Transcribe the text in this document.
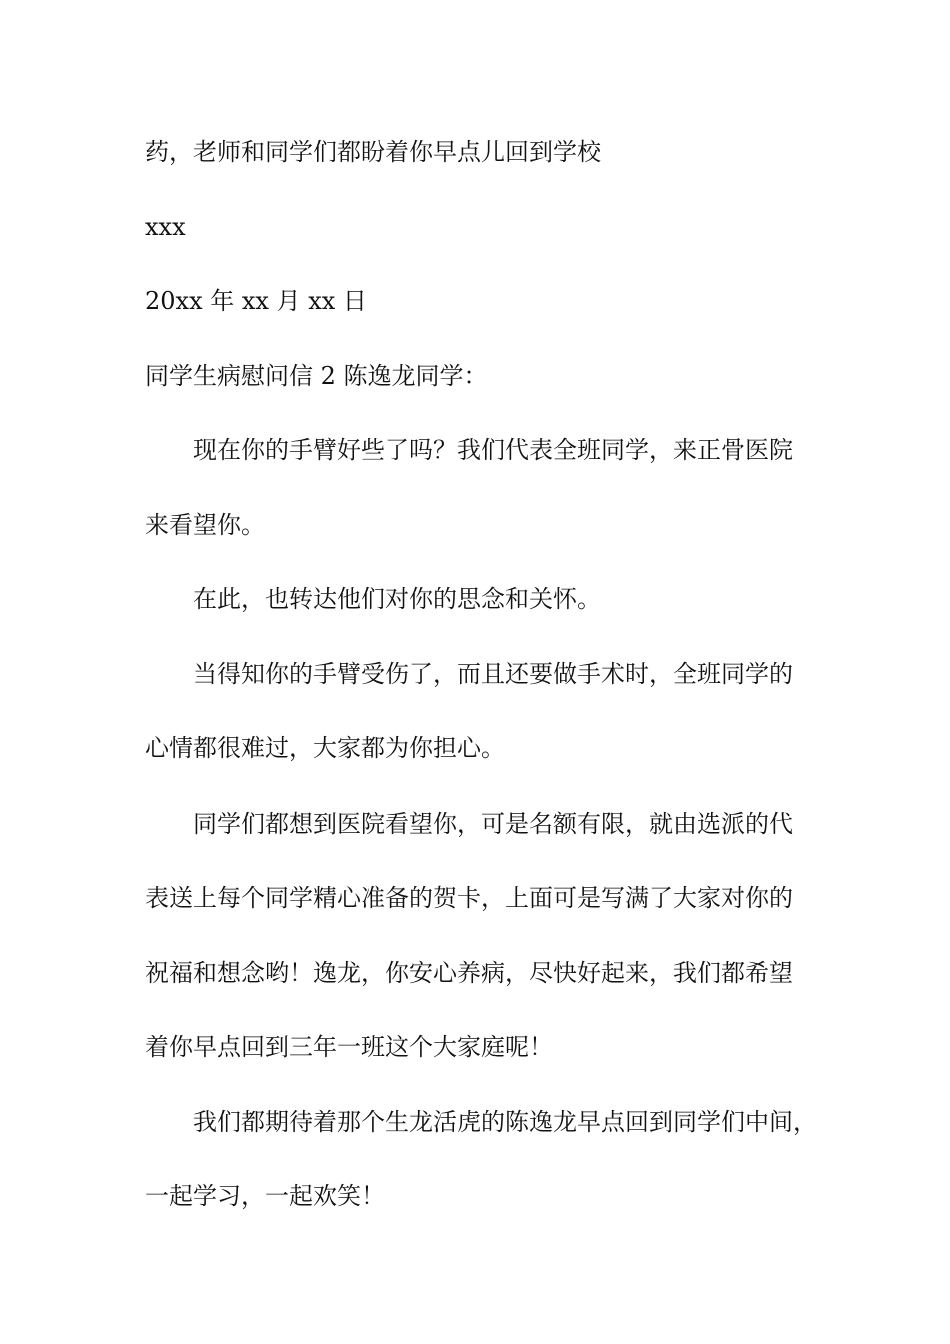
药，老师和同学们都盼着你早点儿回到学校
xxx
20xx 年 xx 月 xx 日
同学生病慰问信 2 陈逸龙同学：
现在你的手臂好些了吗？我们代表全班同学，来正骨医院
来看望你。
在此，也转达他们对你的思念和关怀。
当得知你的手臂受伤了，而且还要做手术时，全班同学的
心情都很难过，大家都为你担心。
同学们都想到医院看望你，可是名额有限，就由选派的代
表送上每个同学精心准备的贺卡，上面可是写满了大家对你的
祝福和想念哟！逸龙，你安心养病，尽快好起来，我们都希望
着你早点回到三年一班这个大家庭呢！
我们都期待着那个生龙活虎的陈逸龙早点回到同学们中间，
一起学习，一起欢笑！
